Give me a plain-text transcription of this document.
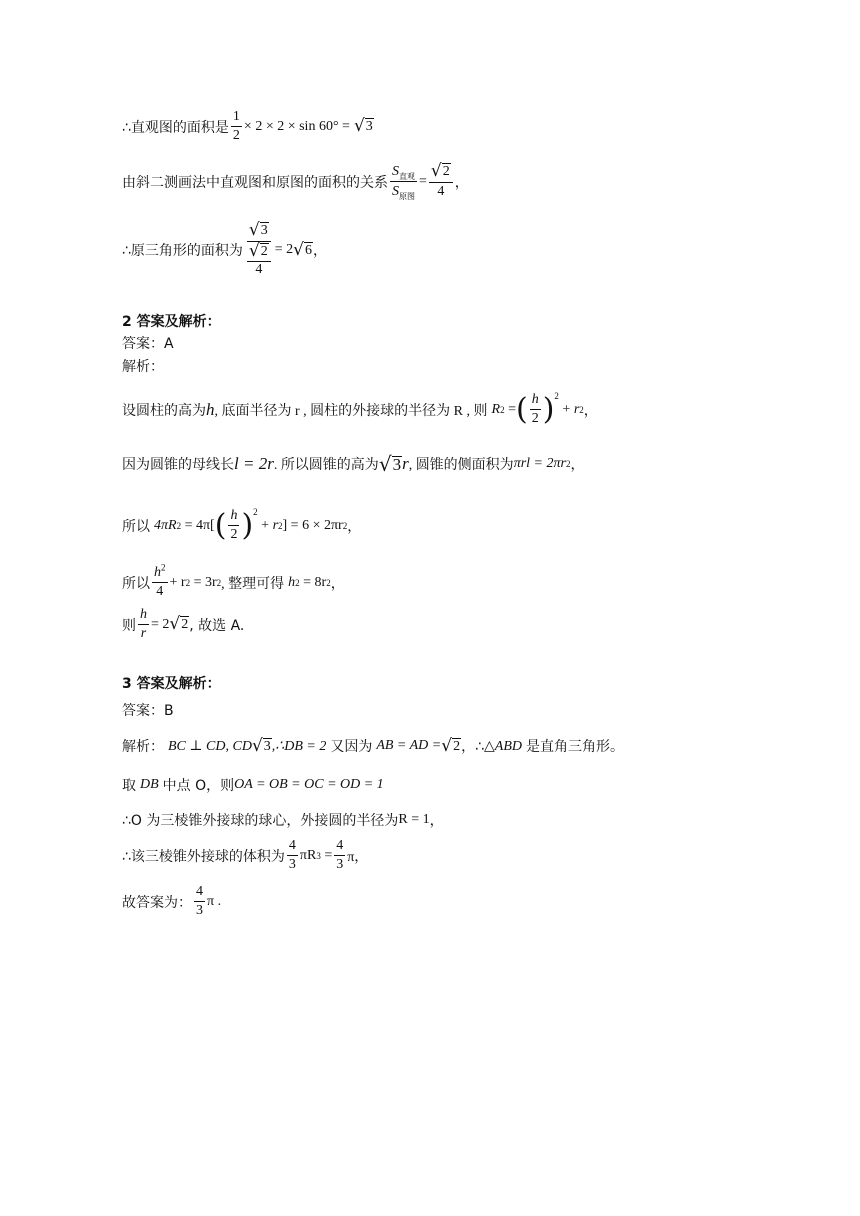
∴直观图的面积是 $\frac{1}{2} \times 2 \times 2 \times \sin 60^\circ$ = √ 3
由斜二测画法中直观图和原图的面积的关系 $\frac{S_{直观}}{S_{原图}} = \frac{√ 2}{4}$ ，
∴原三角形的面积为 √ 3
√ 2
4 = 2 √ 6 ，
2 答案及解析：
答案：A
解析：
设圆柱的高为 h , 底面半径为 r , 圆柱的外接球的半径为 R , 则 R 2 = ( $\frac{h}{2}$ ) 2
+ r 2 ，
因为圆锥的母线长 l = 2r . 所以圆锥的高为 √ 3 r , 圆锥的侧面积为 πrl = 2πr 2 ，
所以 4πR 2
= 4π[ ( $\frac{h}{2}$ ) 2
+ r 2 ] = 6 × 2πr 2 ，
所以 $\frac{h^2}{4} + r$ 2
= 3r 2 , 整理可得 h 2
= 8r 2 ，
则 $\frac{h}{r} = 2$ √ 2 , 故选 A.
3 答案及解析：
答案：B
解析： BC ⊥ CD, CD √ 3 ,∴DB = 2 又因为 AB = AD = √ 2 ，∴ △ABD 是直角三角形。
取 DB 中点 O，则 OA = OB = OC = OD = 1
∴O 为三棱锥外接球的球心，外接圆的半径为 R = 1 ，
∴该三棱锥外接球的体积为 $\frac{4}{3}$ πR 3
= $\frac{4}{3}$ π，
故答案为： $\frac{4}{3}$ π .
